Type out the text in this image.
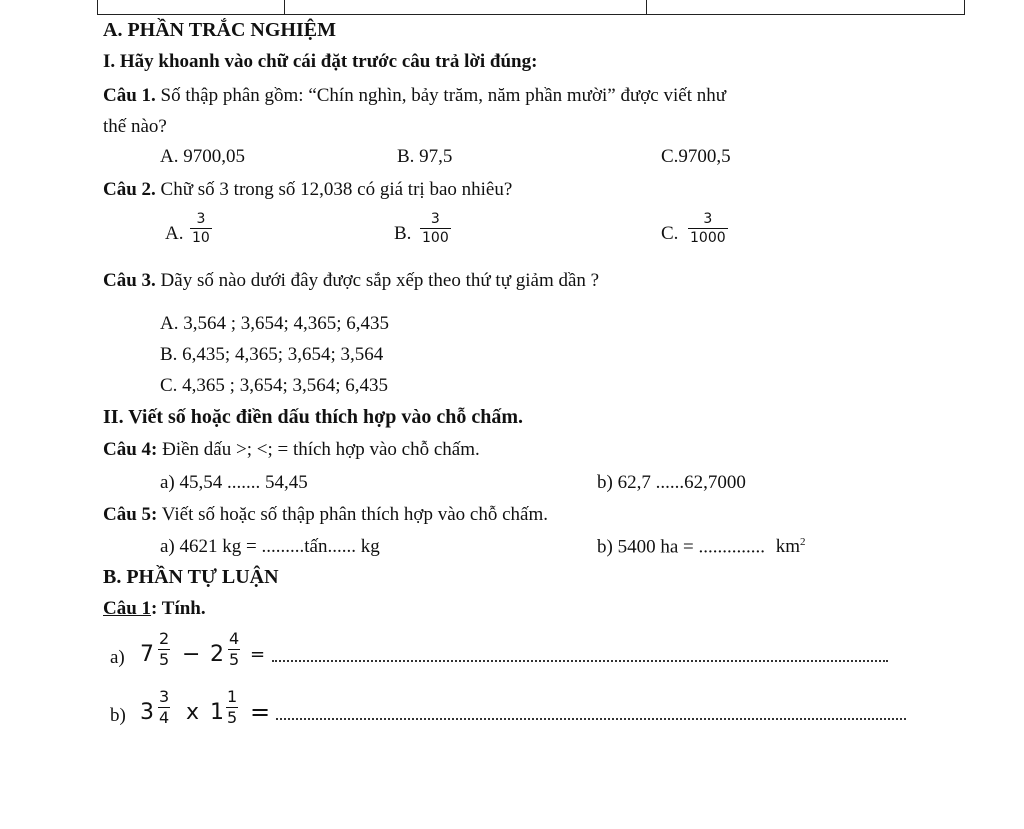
A. PHẦN TRẮC NGHIỆM
I. Hãy khoanh vào chữ cái đặt trước câu trả lời đúng:
Câu 1. Số thập phân gồm: “Chín nghìn, bảy trăm, năm phần mười” được viết như
thế nào?
A. 9700,05	B. 97,5	C.9700,5
Câu 2. Chữ số 3 trong số 12,038 có giá trị bao nhiêu?
A. $\frac{3}{10}$	B. $\frac{3}{100}$	C. $\frac{3}{1000}$
Câu 3. Dãy số nào dưới đây được sắp xếp theo thứ tự giảm dần ?
A. 3,564 ; 3,654; 4,365; 6,435
B. 6,435; 4,365; 3,654; 3,564
C. 4,365 ; 3,654; 3,564; 6,435
II. Viết số hoặc điền dấu thích hợp vào chỗ chấm.
Câu 4: Điền dấu >; <; = thích hợp vào chỗ chấm.
a) 45,54 ....... 54,45	b) 62,7 ......62,7000
Câu 5: Viết số hoặc số thập phân thích hợp vào chỗ chấm.
a) 4621 kg = .........tấn...... kg	b) 5400 ha = .............. $km^2$
B. PHẦN TỰ LUẬN
Câu 1: Tính.
a) $7 \frac{2}{5} - 2 \frac{4}{5}$ =
b) $3 \frac{3}{4}$ x $1 \frac{1}{5}$ =
